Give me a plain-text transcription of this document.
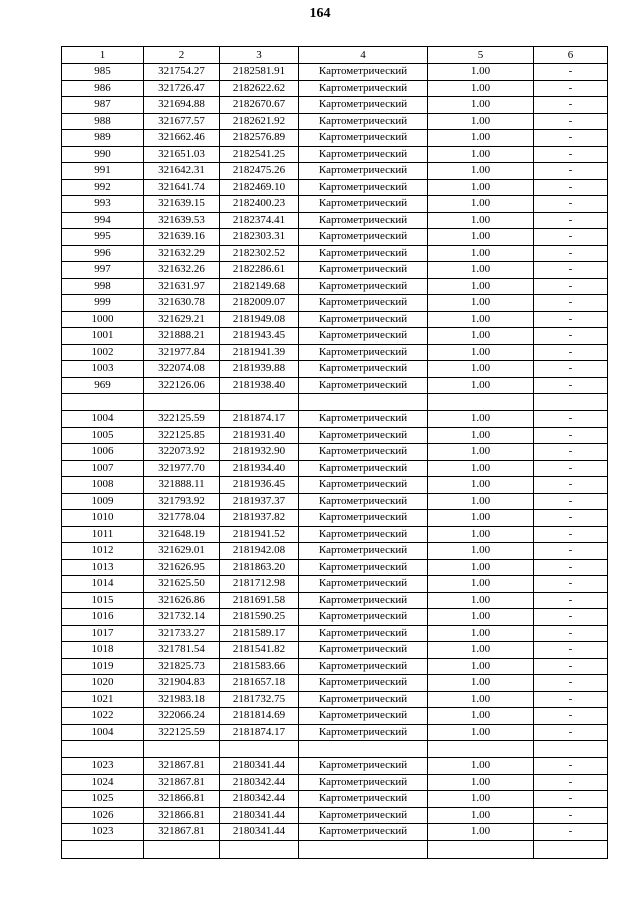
164
1	2	3	4	5	6
985	321754.27	2182581.91	Картометрический	1.00	-
986	321726.47	2182622.62	Картометрический	1.00	-
987	321694.88	2182670.67	Картометрический	1.00	-
988	321677.57	2182621.92	Картометрический	1.00	-
989	321662.46	2182576.89	Картометрический	1.00	-
990	321651.03	2182541.25	Картометрический	1.00	-
991	321642.31	2182475.26	Картометрический	1.00	-
992	321641.74	2182469.10	Картометрический	1.00	-
993	321639.15	2182400.23	Картометрический	1.00	-
994	321639.53	2182374.41	Картометрический	1.00	-
995	321639.16	2182303.31	Картометрический	1.00	-
996	321632.29	2182302.52	Картометрический	1.00	-
997	321632.26	2182286.61	Картометрический	1.00	-
998	321631.97	2182149.68	Картометрический	1.00	-
999	321630.78	2182009.07	Картометрический	1.00	-
1000	321629.21	2181949.08	Картометрический	1.00	-
1001	321888.21	2181943.45	Картометрический	1.00	-
1002	321977.84	2181941.39	Картометрический	1.00	-
1003	322074.08	2181939.88	Картометрический	1.00	-
969	322126.06	2181938.40	Картометрический	1.00	-

1004	322125.59	2181874.17	Картометрический	1.00	-
1005	322125.85	2181931.40	Картометрический	1.00	-
1006	322073.92	2181932.90	Картометрический	1.00	-
1007	321977.70	2181934.40	Картометрический	1.00	-
1008	321888.11	2181936.45	Картометрический	1.00	-
1009	321793.92	2181937.37	Картометрический	1.00	-
1010	321778.04	2181937.82	Картометрический	1.00	-
1011	321648.19	2181941.52	Картометрический	1.00	-
1012	321629.01	2181942.08	Картометрический	1.00	-
1013	321626.95	2181863.20	Картометрический	1.00	-
1014	321625.50	2181712.98	Картометрический	1.00	-
1015	321626.86	2181691.58	Картометрический	1.00	-
1016	321732.14	2181590.25	Картометрический	1.00	-
1017	321733.27	2181589.17	Картометрический	1.00	-
1018	321781.54	2181541.82	Картометрический	1.00	-
1019	321825.73	2181583.66	Картометрический	1.00	-
1020	321904.83	2181657.18	Картометрический	1.00	-
1021	321983.18	2181732.75	Картометрический	1.00	-
1022	322066.24	2181814.69	Картометрический	1.00	-
1004	322125.59	2181874.17	Картометрический	1.00	-

1023	321867.81	2180341.44	Картометрический	1.00	-
1024	321867.81	2180342.44	Картометрический	1.00	-
1025	321866.81	2180342.44	Картометрический	1.00	-
1026	321866.81	2180341.44	Картометрический	1.00	-
1023	321867.81	2180341.44	Картометрический	1.00	-
